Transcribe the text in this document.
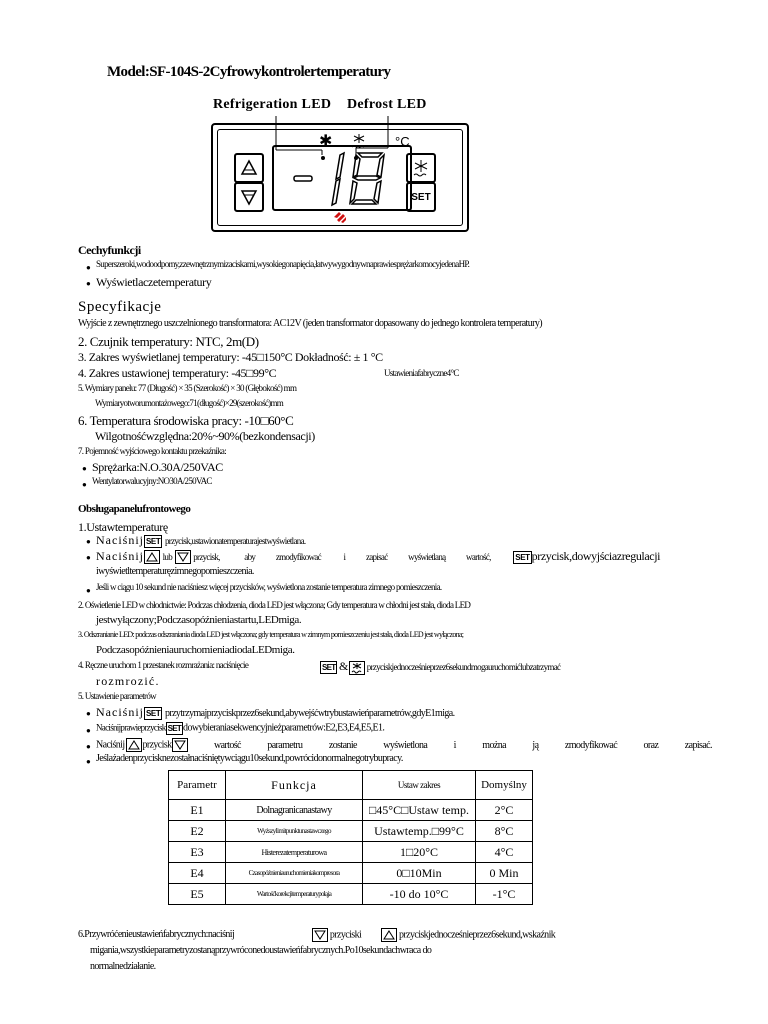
Model:SF-104S-2Cyfrowykontrolertemperatury
Refrigeration LED Defrost LED
SET
✱	°C
Cechyfunkcji
● Superszeroki,wodoodporny,zzewnętrznymizaciskami,wysokiegonapięcia,łatwywygodnywnaprawiesprężarkomocyjedenaHP.
● Wyświetlaczetemperatury
Specyfikacje
Wyjście z zewnętrznego uszczelnionego transformatora: AC12V (jeden transformator dopasowany do jednego kontrolera temperatury)
2. Czujnik temperatury: NTC, 2m(D)
3. Zakres wyświetlanej temperatury: -45□150°C Dokładność: ± 1 °C
4. Zakres ustawionej temperatury: -45□99°C	Ustawieniafabryczne4°C
5. Wymiary panelu: 77 (Długość) × 35 (Szerokość) × 30 (Głębokość) mm
Wymiaryotworumontażowego:71(długość)×29(szerokość)mm
6. Temperatura środowiska pracy: -10□60°C
Wilgotnośćwzględna:20%~90%(bezkondensacji)
7. Pojemność wyjściowego kontaktu przekaźnika:
● Sprężarka:N.O.30A/250VAC
● Wentylatorwalucyjny:NO30A/250VAC
Obsługapanelufrontowego
1.Ustawtemperaturę
● Naciśnij SET przycisk,ustawionatemperaturajestwyświetlana.
● Naciśnij lub przycisk,	aby zmodyfikować	i zapisać wyświetlaną wartość,	SET przycisk,dowyjściazregulacji
iwyświetltemperaturęzimnegopomieszczenia.
● Jeśli w ciągu 10 sekund nie naciśniesz więcej przycisków, wyświetlona zostanie temperatura zimnego pomieszczenia.
2. Oświetlenie LED w chłodnictwie: Podczas chłodzenia, dioda LED jest włączona; Gdy temperatura w chłodni jest stała, dioda LED
jestwyłączony;Podczasopóźnieniastartu,LEDmiga.
3. Odszranianie LED: podczas odszraniania dioda LED jest włączona; gdy temperatura w zimnym pomieszczeniu jest stała, dioda LED jest wyłączona;
PodczasopóźnieniauruchomieniadiodaLEDmiga.
4. Ręczne uruchom 1 przestanek rozmrażania: naciśnięcie	SET & przyciskjednocześnieprzez6sekundmogauruchomićlubzatrzymać
rozmrozić.
5. Ustawienie parametrów
● Naciśnij SET przytrzymajprzyciskprzez6sekund,abywejśćwtrybustawieńparametrów,gdyE1miga.
● Naciśnijprawieprzycisk SET dowybieraniasekwencyjnieżparametrów:E2,E3,E4,E5,E1.
● Naciśnij przycisk	wartość	parametru	zostanie	wyświetlona	i	można	ją	zmodyfikować	oraz	zapisać.
● Jeślażadenprzycisknezostałnaciśniętywciągu10sekund,powrócidonormalnegotrybupracy.
Parametr	Funkcja	Ustaw zakres	Domyślny
E1	Dolnagranicanastawy	□45°C□Ustaw temp.	2°C
E2	Wyższylimitpunktunastawczego	Ustawtemp.□99°C	8°C
E3	Histerezatemperaturowa	1□20°C	4°C
E4	Czasopóźnieniauruchomieniakompresora	0□10Min	0 Min
E5	Wartośćkorekcjitemperaturypołąja	-10 do 10°C	-1°C
6.Przywróćenieustawieńfabrycznych:naciśnij	przyciski	przyciskjednocześnieprzez6sekund,wskaźnik
migania,wszystkieparametryzostanąprzywróconedoustawieńfabrycznych.Po10sekundachwraca do
normalnedziałanie.
